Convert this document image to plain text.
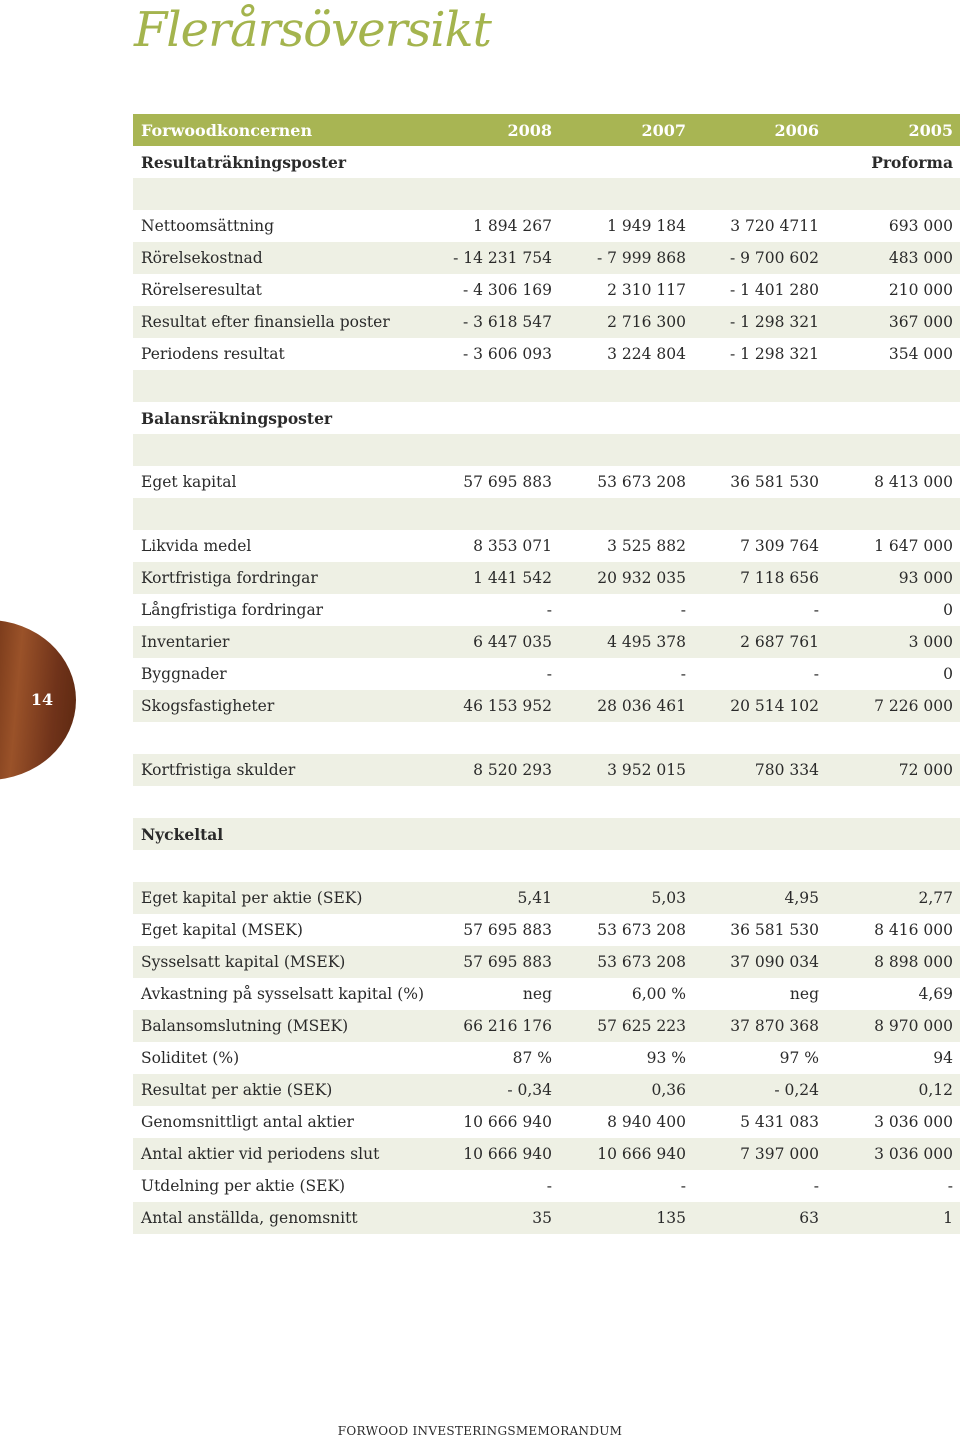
Flerårsöversikt
14
Forwoodkoncernen	2008	2007	2006	2005
Resultaträkningsposter	Proforma
Nettoomsättning	1 894 267	1 949 184	3 720 4711	693 000
Rörelsekostnad	- 14 231 754	- 7 999 868	- 9 700 602	483 000
Rörelseresultat	- 4 306 169	2 310 117	- 1 401 280	210 000
Resultat efter finansiella poster	- 3 618 547	2 716 300	- 1 298 321	367 000
Periodens resultat	- 3 606 093	3 224 804	- 1 298 321	354 000
Balansräkningsposter
Eget kapital	57 695 883	53 673 208	36 581 530	8 413 000
Likvida medel	8 353 071	3 525 882	7 309 764	1 647 000
Kortfristiga fordringar	1 441 542	20 932 035	7 118 656	93 000
Långfristiga fordringar	-	-	-	0
Inventarier	6 447 035	4 495 378	2 687 761	3 000
Byggnader	-	-	-	0
Skogsfastigheter	46 153 952	28 036 461	20 514 102	7 226 000
Kortfristiga skulder	8 520 293	3 952 015	780 334	72 000
Nyckeltal
Eget kapital per aktie (SEK)	5,41	5,03	4,95	2,77
Eget kapital (MSEK)	57 695 883	53 673 208	36 581 530	8 416 000
Sysselsatt kapital (MSEK)	57 695 883	53 673 208	37 090 034	8 898 000
Avkastning på sysselsatt kapital (%)	neg	6,00 %	neg	4,69
Balansomslutning (MSEK)	66 216 176	57 625 223	37 870 368	8 970 000
Soliditet (%)	87 %	93 %	97 %	94
Resultat per aktie (SEK)	- 0,34	0,36	- 0,24	0,12
Genomsnittligt antal aktier	10 666 940	8 940 400	5 431 083	3 036 000
Antal aktier vid periodens slut	10 666 940	10 666 940	7 397 000	3 036 000
Utdelning per aktie (SEK)	-	-	-	-
Antal anställda, genomsnitt	35	135	63	1
FORWOOD INVESTERINGSMEMORANDUM
